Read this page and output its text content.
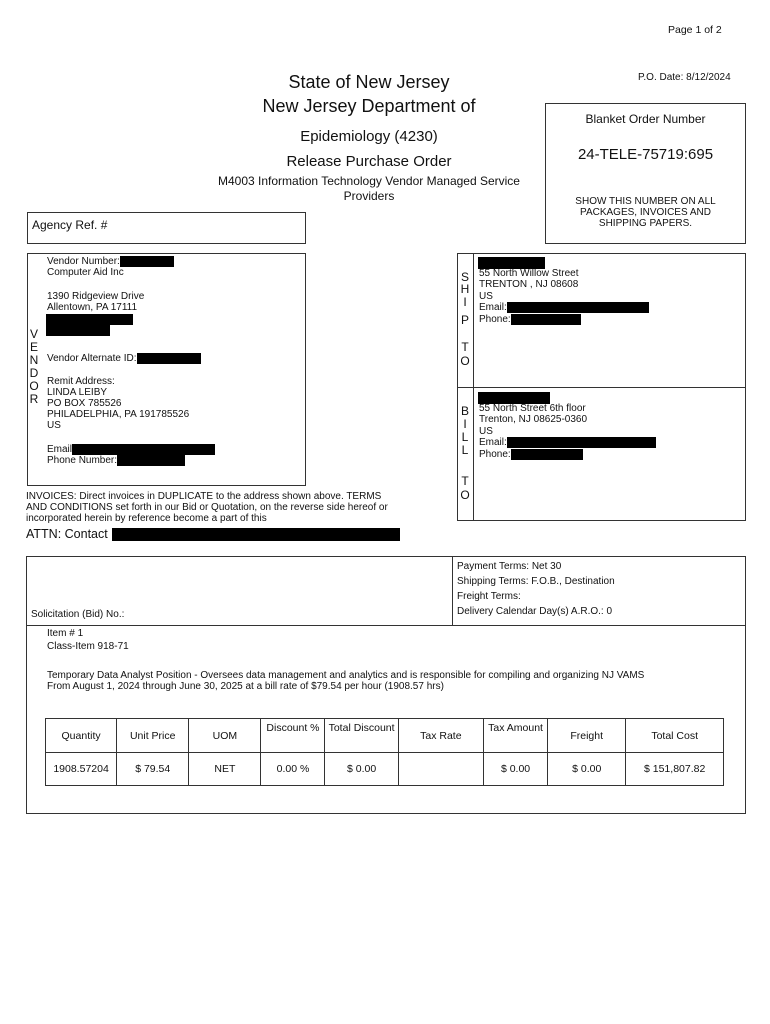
Page 1 of 2
P.O. Date: 8/12/2024
State of New Jersey
New Jersey Department of
Epidemiology (4230)
Release Purchase Order
M4003 Information Technology Vendor Managed Service
Providers
Blanket Order Number
24-TELE-75719:695
SHOW THIS NUMBER ON ALL
PACKAGES, INVOICES AND
SHIPPING PAPERS.
Agency Ref. #
V
E
N
D
O
R
Vendor Number:
Computer Aid Inc
1390 Ridgeview Drive
Allentown, PA 17111
Vendor Alternate ID:
Remit Address:
LINDA LEIBY
PO BOX 785526
PHILADELPHIA, PA 191785526
US
Email
Phone Number:
S
H
I
P
T
O
55 North Willow Street
TRENTON , NJ 08608
US
Email:
Phone:
B
I
L
L
T
O
55 North Street 6th floor
Trenton, NJ 08625-0360
US
Email:
Phone:
INVOICES: Direct invoices in DUPLICATE to the address shown above. TERMS
AND CONDITIONS set forth in our Bid or Quotation, on the reverse side hereof or
incorporated herein by reference become a part of this
ATTN: Contact
Solicitation (Bid) No.:
Payment Terms: Net 30
Shipping Terms: F.O.B., Destination
Freight Terms:
Delivery Calendar Day(s) A.R.O.: 0
Item # 1
Class-Item 918-71
Temporary Data Analyst Position - Oversees data management and analytics and is responsible for compiling and organizing NJ VAMS
From August 1, 2024 through June 30, 2025 at a bill rate of $79.54 per hour (1908.57 hrs)
Quantity	Unit Price	UOM	Discount %	Total Discount	Tax Rate	Tax Amount	Freight	Total Cost
1908.57204	$ 79.54	NET	0.00 %	$ 0.00		$ 0.00	$ 0.00	$ 151,807.82
